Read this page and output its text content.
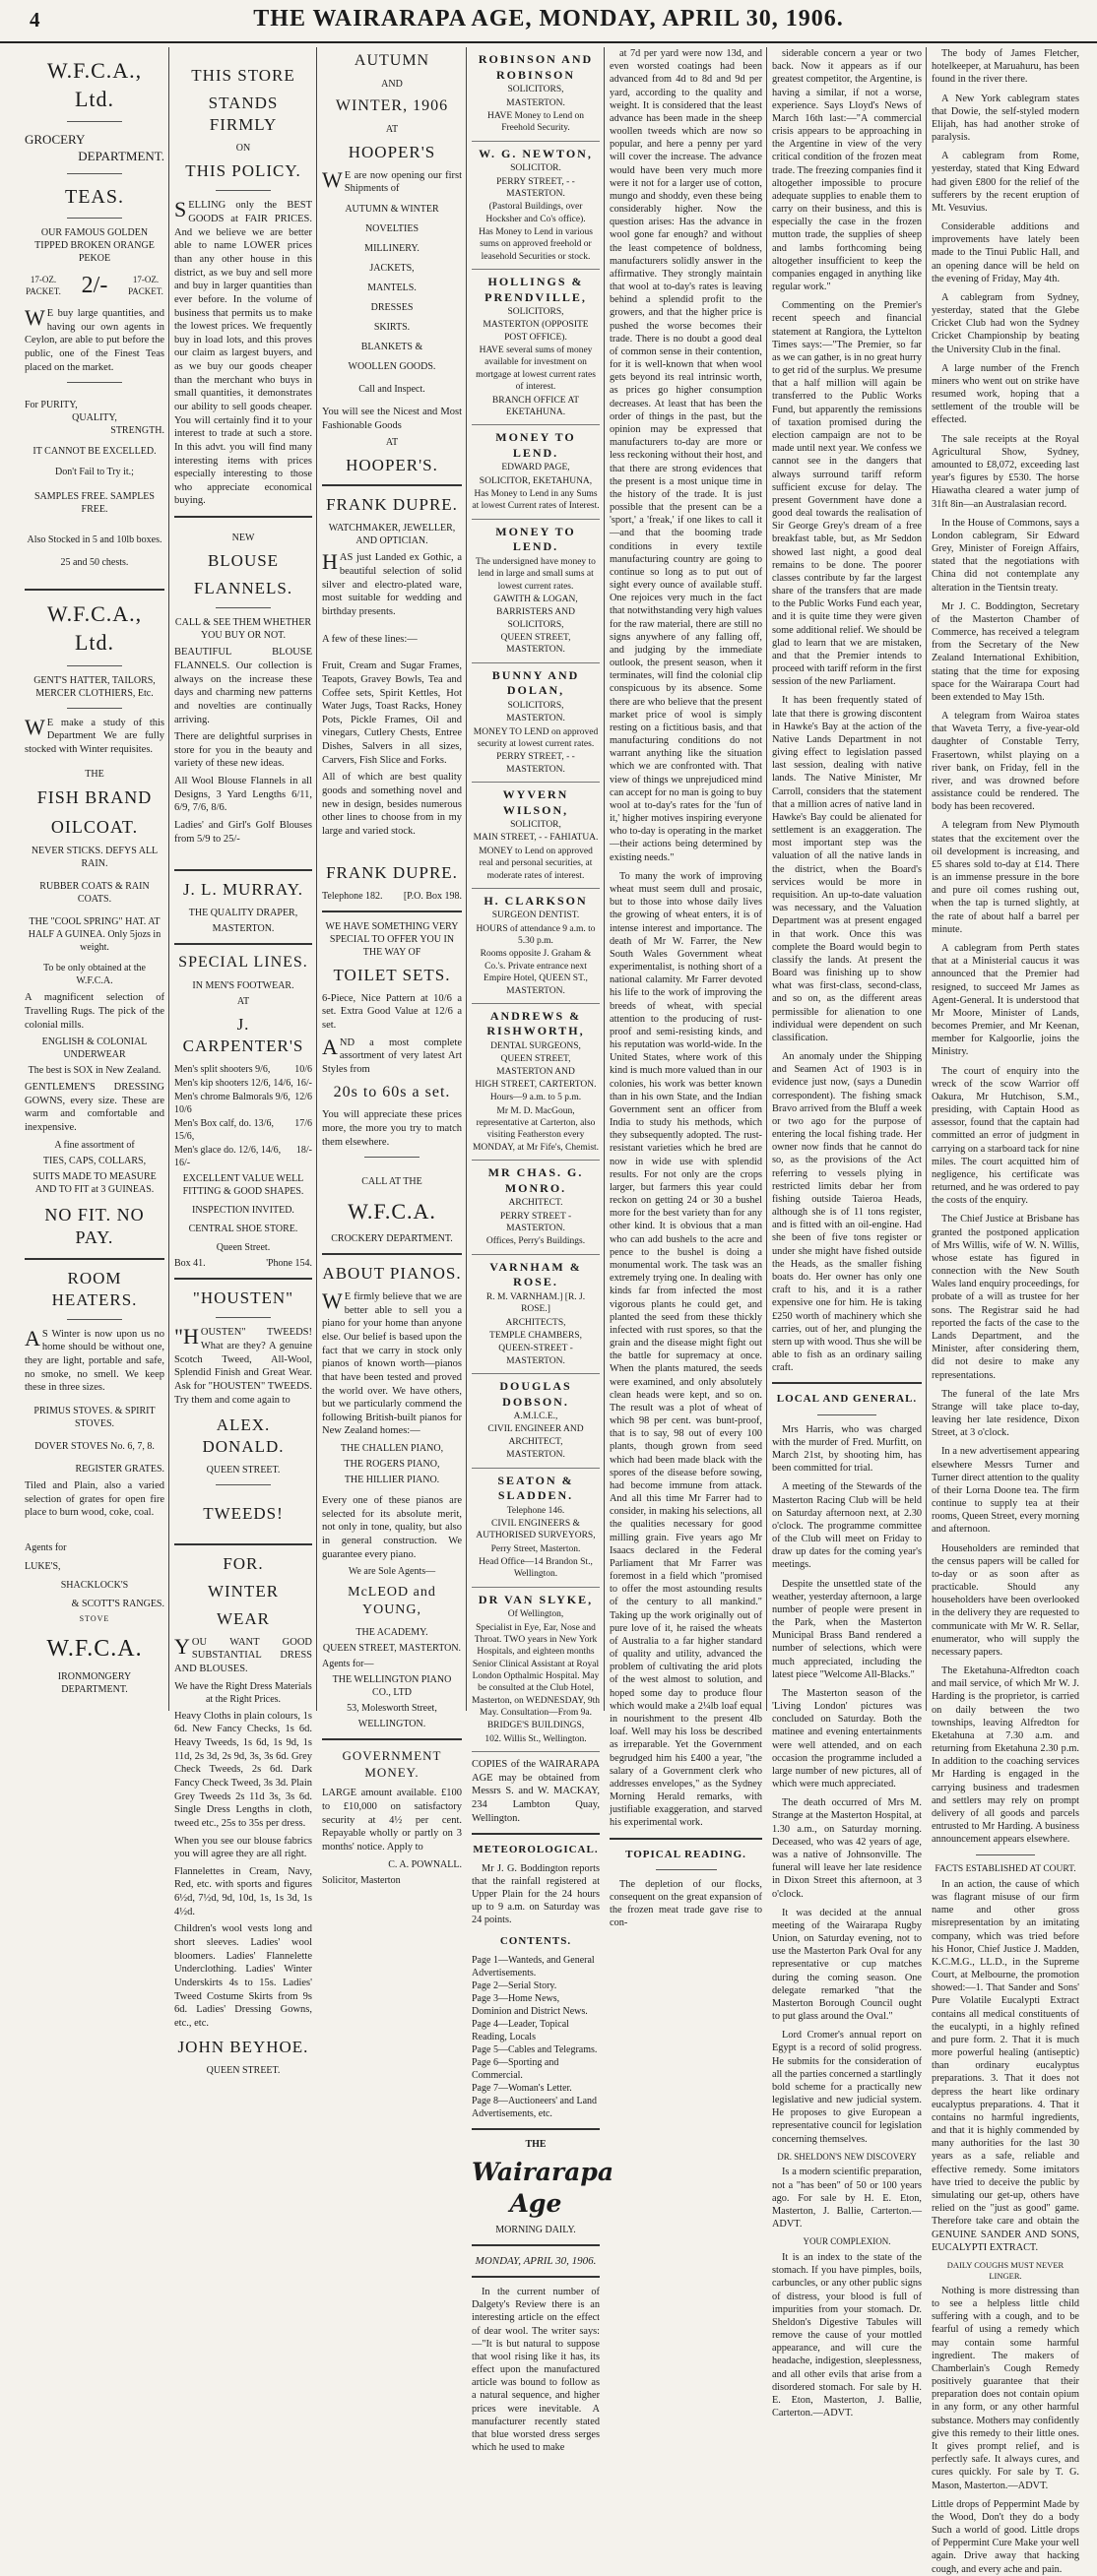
4	THE WAIRARAPA AGE, MONDAY, APRIL 30, 1906.
W.F.C.A., Ltd.
GROCERY
DEPARTMENT.
TEAS.
OUR FAMOUS GOLDEN TIPPED BROKEN ORANGE PEKOE
17-OZ. PACKET. 2/-	17-OZ. PACKET.
WE buy large quantities, and having our own agents in Ceylon, are able to put before the public, one of the Finest Teas placed on the market.
For PURITY,
QUALITY,
STRENGTH.
IT CANNOT BE EXCELLED.
Don't Fail to Try it.;
SAMPLES FREE. SAMPLES FREE.
Also Stocked in 5 and 10lb boxes.
25 and 50 chests.
W.F.C.A., Ltd.
GENT'S HATTER, TAILORS, MERCER CLOTHIERS, Etc.
WE make a study of this Department We are fully stocked with Winter requisites.
THE
FISH BRAND
OILCOAT.
NEVER STICKS. DEFYS ALL RAIN.
RUBBER COATS & RAIN COATS.
THE "COOL SPRING" HAT. AT HALF A GUINEA. Only 5jozs in weight.
To be only obtained at the W.F.C.A.
A magnificent selection of Travelling Rugs. The pick of the colonial mills.
ENGLISH & COLONIAL UNDERWEAR
The best is SOX in New Zealand.
GENTLEMEN'S DRESSING GOWNS, every size. These are warm and comfortable and inexpensive.
A fine assortment of
TIES, CAPS, COLLARS,
SUITS MADE TO MEASURE AND TO FIT at 3 GUINEAS.
NO FIT. NO PAY.
ROOM HEATERS.
AS Winter is now upon us no home should be without one, they are light, portable and safe, no smoke, no smell. We keep these in three sizes.
PRIMUS STOVES. & SPIRIT STOVES.
DOVER STOVES No. 6, 7, 8.
REGISTER GRATES.
Tiled and Plain, also a varied selection of grates for open fire place to burn wood, coke, coal.
Agents for
LUKE'S,
SHACKLOCK'S
& SCOTT'S RANGES.
STOVE
W.F.C.A.
IRONMONGERY DEPARTMENT.
THIS STORE
STANDS FIRMLY
ON
THIS POLICY.
SELLING only the BEST GOODS at FAIR PRICES. And we believe we are better able to name LOWER prices than any other house in this district, as we buy and sell more and buy in larger quantities than ever before. In the volume of business that permits us to make the lowest prices. We frequently buy in load lots, and this proves our claim as largest buyers, and as we buy our goods cheaper than the merchant who buys in small quantities, it demonstrates our ability to sell goods cheaper. You will certainly find it to your interest to trade at such a store. In this advt. you will find many interesting items with prices especially interesting to those who appreciate economical buying.
NEW
BLOUSE
FLANNELS.
CALL & SEE THEM WHETHER YOU BUY OR NOT.
BEAUTIFUL BLOUSE FLANNELS. Our collection is always on the increase these days and charming new patterns and novelties are continually arriving.
There are delightful surprises in store for you in the beauty and variety of these new ideas.
All Wool Blouse Flannels in all Designs, 3 Yard Lengths 6/11, 6/9, 7/6, 8/6.
Ladies' and Girl's Golf Blouses from 5/9 to 25/-
J. L. MURRAY.
THE QUALITY DRAPER,
MASTERTON.
SPECIAL LINES.
IN MEN'S FOOTWEAR.
AT
J. CARPENTER'S
Men's split shooters 9/6, 10/6
Men's kip shooters 12/6, 14/6, 16/-
Men's chrome Balmorals 9/6, 10/6
12/6
Men's Box calf, do. 13/6, 15/6,
17/6
Men's glace do. 12/6, 14/6, 16/-
18/-
EXCELLENT VALUE WELL FITTING & GOOD SHAPES.
INSPECTION INVITED.
CENTRAL SHOE STORE.
Queen Street.
Box 41.	'Phone 154.
"HOUSTEN"
"HOUSTEN" TWEEDS! What are they? A genuine Scotch Tweed, All-Wool, Splendid Finish and Great Wear. Ask for "HOUSTEN" TWEEDS. Try them and come again to
ALEX. DONALD.
QUEEN STREET.
TWEEDS!
FOR.
WINTER
WEAR
YOU WANT GOOD SUBSTANTIAL DRESS AND BLOUSES.
We have the Right Dress Materials at the Right Prices.
Heavy Cloths in plain colours, 1s 6d. New Fancy Checks, 1s 6d. Heavy Tweeds, 1s 6d, 1s 9d, 1s 11d, 2s 3d, 2s 9d, 3s, 3s 6d. Grey Check Tweeds, 2s 6d. Dark Fancy Check Tweed, 3s 3d. Plain Grey Tweeds 2s 11d 3s, 3s 6d. Single Dress Lengths in cloth, tweed etc., 25s to 35s per dress.
When you see our blouse fabrics you will agree they are all right.
Flannelettes in Cream, Navy, Red, etc. with sports and figures 6½d, 7½d, 9d, 10d, 1s, 1s 3d, 1s 4½d.
Children's wool vests long and short sleeves. Ladies' wool bloomers. Ladies' Flannelette Underclothing. Ladies' Winter Underskirts 4s to 15s. Ladies' Tweed Costume Skirts from 9s 6d. Ladies' Dressing Gowns, etc., etc.
JOHN BEYHOE.
QUEEN STREET.
AUTUMN
AND
WINTER, 1906
AT
HOOPER'S
WE are now opening our first Shipments of
AUTUMN & WINTER
NOVELTIES
MILLINERY.
JACKETS,
MANTELS.
DRESSES
SKIRTS.
BLANKETS &
WOOLLEN GOODS.
Call and Inspect.
You will see the Nicest and Most Fashionable Goods
AT
HOOPER'S.
FRANK DUPRE.
WATCHMAKER, JEWELLER, AND OPTICIAN.
HAS just Landed ex Gothic, a beautiful selection of solid silver and electro-plated ware, most suitable for wedding and birthday presents.
A few of these lines:—
Fruit, Cream and Sugar Frames, Teapots, Gravey Bowls, Tea and Coffee sets, Spirit Kettles, Hot Water Jugs, Toast Racks, Honey Pots, Pickle Frames, Oil and vinegars, Cutlery Chests, Entree Dishes, Salvers in all sizes, Carvers, Fish Slice and Forks.
All of which are best quality goods and something novel and new in design, besides numerous other lines to choose from in my large and varied stock.
FRANK DUPRE.
Telephone 182. [P.O. Box 198.
WE HAVE SOMETHING VERY SPECIAL TO OFFER YOU IN THE WAY OF
TOILET SETS.
6-Piece, Nice Pattern at 10/6 a set. Extra Good Value at 12/6 a set.
AND a most complete assortment of very latest Art Styles from
20s to 60s a set.
You will appreciate these prices more, the more you try to match them elsewhere.
CALL AT THE
W.F.C.A.
CROCKERY DEPARTMENT.
ABOUT PIANOS.
WE firmly believe that we are better able to sell you a piano for your home than anyone else. Our belief is based upon the fact that we carry in stock only pianos of known worth—pianos that have been tested and proved the world over. We have others, but we particularly commend the following British-built pianos for New Zealand homes:—
THE CHALLEN PIANO,
THE ROGERS PIANO,
THE HILLIER PIANO.
Every one of these pianos are selected for its absolute merit, not only in tone, quality, but also in general construction. We guarantee every piano.
We are Sole Agents—
McLEOD and YOUNG,
THE ACADEMY.
QUEEN STREET, MASTERTON.
Agents for—
THE WELLINGTON PIANO CO., LTD
53, Molesworth Street,
WELLINGTON.
GOVERNMENT MONEY.
LARGE amount available. £100 to £10,000 on satisfactory security at 4½ per cent. Repayable wholly or partly on 3 months' notice. Apply to
C. A. POWNALL.
Solicitor, Masterton
ROBINSON AND ROBINSON
SOLICITORS,
MASTERTON.
HAVE Money to Lend on Freehold Security.
W. G. NEWTON,
SOLICITOR.
PERRY STREET, - - MASTERTON.
(Pastoral Buildings, over Hocksher and Co's office).
Has Money to Lend in various sums on approved freehold or leasehold Securities or stock.
HOLLINGS & PRENDVILLE,
SOLICITORS,
MASTERTON (OPPOSITE POST OFFICE).
HAVE several sums of money available for investment on mortgage at lowest current rates of interest.
BRANCH OFFICE AT EKETAHUNA.
MONEY TO LEND.
EDWARD PAGE,
SOLICITOR, EKETAHUNA,
Has Money to Lend in any Sums at lowest Current rates of Interest.
MONEY TO LEND.
The undersigned have money to lend in large and small sums at lowest current rates.
GAWITH & LOGAN,
BARRISTERS AND SOLICITORS,
QUEEN STREET, MASTERTON.
BUNNY AND DOLAN,
SOLICITORS,
MASTERTON.
MONEY TO LEND on approved security at lowest current rates.
PERRY STREET, - - MASTERTON.
WYVERN WILSON,
SOLICITOR,
MAIN STREET, - - FAHIATUA.
MONEY to Lend on approved real and personal securities, at moderate rates of interest.
H. CLARKSON
SURGEON DENTIST.
HOURS of attendance 9 a.m. to 5.30 p.m.
Rooms opposite J. Graham & Co.'s. Private entrance next Empire Hotel, QUEEN ST., MASTERTON.
ANDREWS & RISHWORTH,
DENTAL SURGEONS,
QUEEN STREET, MASTERTON AND
HIGH STREET, CARTERTON.
Hours—9 a.m. to 5 p.m.
Mr M. D. MacGoun, representative at Carterton, also visiting Featherston every MONDAY, at Mr Fife's, Chemist.
MR CHAS. G. MONRO.
ARCHITECT.
PERRY STREET - MASTERTON.
Offices, Perry's Buildings.
VARNHAM & ROSE.
R. M. VARNHAM.] [R. J. ROSE.]
ARCHITECTS,
TEMPLE CHAMBERS,
QUEEN-STREET - MASTERTON.
DOUGLAS DOBSON.
A.M.I.C.E.,
CIVIL ENGINEER AND ARCHITECT,
MASTERTON.
SEATON & SLADDEN.
Telephone 146.
CIVIL ENGINEERS & AUTHORISED SURVEYORS,
Perry Street, Masterton.
Head Office—14 Brandon St., Wellington.
DR VAN SLYKE,
Of Wellington,
Specialist in Eye, Ear, Nose and Throat. TWO years in New York Hospitals, and eighteen months Senior Clinical Assistant at Royal London Opthalmic Hospital. May be consulted at the Club Hotel, Masterton, on WEDNESDAY, 9th May. Consultation—From 9a.
BRIDGE'S BUILDINGS,
102. Willis St., Wellington.
COPIES of the WAIRARAPA AGE may be obtained from Messrs S. and W. MACKAY, 234 Lambton Quay, Wellington.
METEOROLOGICAL.
Mr J. G. Boddington reports that the rainfall registered at Upper Plain for the 24 hours up to 9 a.m. on Saturday was 24 points.
CONTENTS.
Page 1—Wanteds, and General Advertisements.
Page 2—Serial Story.
Page 3—Home News, Dominion and District News.
Page 4—Leader, Topical Reading, Locals
Page 5—Cables and Telegrams.
Page 6—Sporting and Commercial.
Page 7—Woman's Letter.
Page 8—Auctioneers' and Land Advertisements, etc.
THE
Wairarapa Age
MORNING DAILY.
MONDAY, APRIL 30, 1906.
In the current number of Dalgety's Review there is an interesting article on the effect of dear wool. The writer says:—"It is but natural to suppose that wool rising like it has, its effect upon the manufactured article was bound to follow as a natural sequence, and higher prices were inevitable. A manufacturer recently stated that blue worsted dress serges which he used to make

at 7d per yard were now 13d, and even worsted coatings had been advanced from 4d to 8d and 9d per yard, according to the quality and weight. It is considered that the least advance has been made in the sheep woollen tweeds which are now so popular, and here a penny per yard will cover the increase. The advance would have been very much more were it not for a larger use of cotton, mungo and shoddy, even these being considerably higher. Now the question arises: Has the advance in wool gone far enough? and without the least competence of boldness, manufacturers solidly answer in the affirmative. They strongly maintain that wool at to-day's rates is leaving behind a splendid profit to the growers, and that the higher price is pushed the worse becomes their trade. There is no doubt a good deal of common sense in their contention, for it is well-known that when wool gets beyond its real intrinsic worth, as prices go higher consumption decreases. At least that has been the order of things in the past, but the opinion may be expressed that manufacturers to-day are more or less reckoning without their host, and that there are strong evidences that the present is a most unique time in the history of the trade. It is just possible that the present can be a 'sport,' a 'freak,' if one likes to call it—and that the booming trade conditions in every textile manufacturing country are going to continue so long as to put out of sight every ounce of available stuff. One rejoices very much in the fact that notwithstanding very high values for the raw material, there are still no signs anywhere of any falling off, and judging by the immediate outlook, the present season, when it terminates, will find the colonial clip conspicuous by its absence. Some there are who believe that the present market price of wool is simply resting on a fictitious basis, and that manufacturing conditions do not warrant anything like the situation which we are confronted with. That view of things we unprejudiced mind can accept for no man is going to buy wool at to-day's rates for the 'fun of it,' higher motives inspiring everyone who to-day is operating in the market—their actions being determined by existing needs."

To many the work of improving wheat must seem dull and prosaic, but to those into whose daily lives the growing of wheat enters, it is of intense interest and importance. The death of Mr W. Farrer, the New South Wales Government wheat experimentalist, is nothing short of a national calamity. Mr Farrer devoted his life to the work of improving the breeds of wheat, with special attention to the producing of rust-proof and semi-resisting kinds, and his reputation was world-wide. In the United States, where work of this kind is much more valued than in our colonies, his work was better known than in his own State, and the Indian Government sent an officer from India to study his methods, which they subsequently adopted. The rust-resistant varieties which he bred are now in wide use with splendid results. For not only are the crops larger, but farmers this year could reckon on getting 24 or 30 a bushel more for the best variety than for any other kind. It is obvious that a man who can add bushels to the acre and pence to the bushel is doing a monumental work. The task was an extremely trying one. In dealing with kinds far from infected the most vigorous plants he could get, and planted the seed from these thickly infected with rust spores, so that the grain and the disease might fight out the battle for supremacy at once. When the plants matured, the seeds were examined, and only absolutely clean heads were kept, and so on. The result was a plot of wheat of which 98 per cent. was bunt-proof, that is to say, 98 out of every 100 plants, though grown from seed which had been made black with the spores of the disease before sowing, had become immune from attack. And all this time Mr Farrer had to consider, in making his selections, all the qualities necessary for good milling grain. Five years ago Mr Isaacs declared in the Federal Parliament that Mr Farrer was foremost in a field which "promised to offer the most astounding results of the century to all mankind." Taking up the work originally out of pure love of it, he raised the wheats of Australia to a far higher standard of quality and utility, advanced the problem of cultivating the arid plots of the west almost to solution, and hoped some day to produce flour which would make a 2¼lb loaf equal in nourishment to the present 4lb loaf. Well may his loss be described as irreparable. Yet the Government begrudged him his £400 a year, "the salary of a Government clerk who addresses envelopes," as the Sydney Morning Herald remarks, with justifiable exaggeration, and starved his experimental work.

TOPICAL READING.
The depletion of our flocks, consequent on the great expansion of the frozen meat trade gave rise to con-

siderable concern a year or two back. Now it appears as if our greatest competitor, the Argentine, is having a similar, if not a worse, experience. Says Lloyd's News of March 16th last:—"A commercial crisis appears to be approaching in the Argentine in view of the very critical condition of the frozen meat trade. The freezing companies find it altogether impossible to procure adequate supplies to enable them to carry on their business, and this is especially the case in the frozen mutton trade, the supplies of sheep and lambs forthcoming being altogether insufficient to keep the companies engaged in anything like regular work."

Commenting on the Premier's recent speech and financial statement at Rangiora, the Lyttelton Times says:—"The Premier, so far as we can gather, is in no great hurry to get rid of the surplus. We presume that a half million will again be transferred to the Public Works Fund, but apparently the remissions of taxation promised during the election campaign are not to be made until next year. We confess we cannot see in the dangers that always surround tariff reform sufficient excuse for delay. The present Government have done a good deal towards the realisation of Sir George Grey's dream of a free breakfast table, but, as Mr Seddon showed last night, a good deal remains to be done. The poorer classes contribute by far the largest share of the transfers that are made to the Public Works Fund each year, and it is quite time they were given some additional relief. We should be glad to learn that we are mistaken, and that the Premier intends to proceed with tariff reform in the first session of the new Parliament.

It has been frequently stated of late that there is growing discontent in Hawke's Bay at the action of the Native Lands Department in not giving effect to legislation passed last session, dealing with native lands. The Native Minister, Mr Carroll, considers that the statement that a million acres of native land in Hawke's Bay could be alienated for settlement is an exaggeration. The most important step was the valuation of all the native lands in the district, when the Board's services would be more in requisition. An up-to-date valuation was necessary, and the Valuation Department was at present engaged in that work. Once this was complete the Board would begin to classify the lands. At present the Board was finishing up to show what was first-class, second-class, and so on, as the different areas permissible for alienation to one individual were dependent on such classification.

An anomaly under the Shipping and Seamen Act of 1903 is in evidence just now, (says a Dunedin correspondent). The fishing smack Bravo arrived from the Bluff a week or two ago for the purpose of entering the local fishing trade. Her owner now finds that he cannot do so, as the provisions of the Act referring to vessels plying in restricted limits debar her from fishing outside Taieroa Heads, although she is of 11 tons register, and is fitted with an oil-engine. Had she been of five tons register or under she might have fished outside the Heads, as the smaller fishing boats do. Her owner has only one craft to his, and it is a rather expensive one for him. He is taking £250 worth of machinery which she carries, out of her, and plunging the stern up with wood. Thus she will be able to fish as an ordinary sailing craft.

LOCAL AND GENERAL.

Mrs Harris, who was charged with the murder of Fred. Murfitt, on March 21st, by shooting him, has been committed for trial.

A meeting of the Stewards of the Masterton Racing Club will be held on Saturday afternoon next, at 2.30 o'clock. The programme committee of the Club will meet on Friday to draw up dates for the coming year's meetings.

Despite the unsettled state of the weather, yesterday afternoon, a large number of people were present in the Park, when the Masterton Municipal Brass Band rendered a number of selections, which were much appreciated, including the latest piece "Welcome All-Blacks."

The Masterton season of the 'Living London' pictures was concluded on Saturday. Both the matinee and evening entertainments were well attended, and on each occasion the programme included a large number of new pictures, all of which were much appreciated.

The death occurred of Mrs M. Strange at the Masterton Hospital, at 1.30 a.m., on Saturday morning. Deceased, who was 42 years of age, was a native of Johnsonville. The funeral will leave her late residence in Dixon Street this afternoon, at 3 o'clock.

It was decided at the annual meeting of the Wairarapa Rugby Union, on Saturday evening, not to use the Masterton Park Oval for any representative or cup matches during the coming season. One delegate remarked "that the Masterton Borough Council ought to put glass around the Oval."

Lord Cromer's annual report on Egypt is a record of solid progress. He submits for the consideration of all the parties concerned a startlingly bold scheme for a practically new legislative and new judicial system. He proposes to give European a representative council for legislation concerning themselves.

DR. SHELDON'S NEW DISCOVERY
Is a modern scientific preparation, not a "has been" of 50 or 100 years ago. For sale by H. E. Eton, Masterton, J. Ballie, Carterton.—ADVT.
YOUR COMPLEXION.
It is an index to the state of the stomach. If you have pimples, boils, carbuncles, or any other public signs of distress, your blood is full of impurities from your stomach. Dr. Sheldon's Digestive Tabules will remove the cause of your mottled appearance, and will cure the headache, indigestion, sleeplessness, and all other evils that arise from a disordered stomach. For sale by H. E. Eton, Masterton, J. Ballie, Carterton.—ADVT.

The body of James Fletcher, hotelkeeper, at Maruahuru, has been found in the river there.

A New York cablegram states that Dowie, the self-styled modern Elijah, has had another stroke of paralysis.

A cablegram from Rome, yesterday, stated that King Edward had given £800 for the relief of the sufferers by the recent eruption of Mt. Vesuvius.

Considerable additions and improvements have lately been made to the Tinui Public Hall, and an opening dance will be held on the evening of Friday, May 4th.

A cablegram from Sydney, yesterday, stated that the Glebe Cricket Club had won the Sydney Cricket Championship by beating the University Club in the final.

A large number of the French miners who went out on strike have resumed work, hoping that a settlement of the trouble will be effected.

The sale receipts at the Royal Agricultural Show, Sydney, amounted to £8,072, exceeding last year's figures by £530. The horse Hiawatha cleared a water jump of 31ft 8in—an Australasian record.

In the House of Commons, says a London cablegram, Sir Edward Grey, Minister of Foreign Affairs, stated that the negotiations with China did not contemplate any alteration in the Tientsin treaty.

Mr J. C. Boddington, Secretary of the Masterton Chamber of Commerce, has received a telegram from the Secretary of the New Zealand International Exhibition, stating that the time for exposing space for the Wairarapa Court had been extended to May 15th.

A telegram from Wairoa states that Waveta Terry, a five-year-old daughter of Constable Terry, Frasertown, whilst playing on a river bank, on Friday, fell in the river, and was drowned before assistance could be rendered. The body has been recovered.

A telegram from New Plymouth states that the excitement over the oil development is increasing, and £5 shares sold to-day at £14. There is an immense pressure in the bore and pure oil comes rushing out, when the tap is turned slightly, at the rate of about half a barrel per minute.

A cablegram from Perth states that at a Ministerial caucus it was announced that the Premier had resigned, to succeed Mr James as Agent-General. It is understood that Mr Moore, Minister of Lands, becomes Premier, and Mr Keenan, member for Kalgoorlie, joins the Ministry.

The court of enquiry into the wreck of the scow Warrior off Oakura, Mr Hutchison, S.M., presiding, with Captain Hood as assessor, found that the captain had committed an error of judgment in carrying on a starboard tack for nine miles. The court acquitted him of negligence, his certificate was returned, and he was ordered to pay the costs of the enquiry.

The Chief Justice at Brisbane has granted the postponed application of Mrs Willis, wife of W. N. Willis, whose estate has figured in connection with the New South Wales land enquiry proceedings, for probate of a will as trustee for her sons. The Registrar said he had reported the facts of the case to the Lands Department, and the Minister, after considering them, did not desire to make any representations.

The funeral of the late Mrs Strange will take place to-day, leaving her late residence, Dixon Street, at 3 o'clock.

In a new advertisement appearing elsewhere Messrs Turner and Turner direct attention to the quality of their Lorna Doone tea. The firm continue to supply tea at their rooms, Queen Street, every morning and afternoon.

Householders are reminded that the census papers will be called for to-day or as soon after as practicable. Should any householders have been overlooked in the delivery they are requested to communicate with Mr W. R. Sellar, enumerator, who will supply the necessary papers.

The Eketahuna-Alfredton coach and mail service, of which Mr W. J. Harding is the proprietor, is carried on daily between the two townships, leaving Alfredton for Eketahuna at 7.30 a.m. and returning from Eketahuna 2.30 p.m. In addition to the coaching services Mr Harding is engaged in the carrying business and tradesmen and settlers may rely on prompt delivery of all goods and parcels entrusted to Mr Harding. A business announcement appears elsewhere.

FACTS ESTABLISHED AT COURT.
In an action, the cause of which was flagrant misuse of our firm name and other gross misrepresentation by an imitating company, which was tried before his Honor, Chief Justice J. Madden, K.C.M.G., LL.D., in the Supreme Court, at Melbourne, the promotion showed:—1. That Sander and Sons' Pure Volatile Eucalypti Extract contains all medical constituents of the eucalypti, in a highly refined and pure form. 2. That it is much more powerful healing (antiseptic) than ordinary eucalyptus preparations. 3. That it does not depress the heart like ordinary eucalyptus preparations. 4. That it contains no harmful ingredients, and that it is highly commended by many authorities for the last 30 years as a safe, reliable and effective remedy. Some imitators have tried to deceive the public by simulating our get-up, others have relied on the "just as good" game. Therefore take care and obtain the GENUINE SANDER AND SONS, EUCALYPTI EXTRACT.
DAILY COUGHS MUST NEVER LINGER.
Nothing is more distressing than to see a helpless little child suffering with a cough, and to be fearful of using a remedy which may contain some harmful ingredient. The makers of Chamberlain's Cough Remedy positively guarantee that their preparation does not contain opium in any form, or any other harmful substance. Mothers may confidently give this remedy to their little ones. It gives prompt relief, and is perfectly safe. It always cures, and cures quickly. For sale by T. G. Mason, Masterton.—ADVT.
Little drops of Peppermint Made by the Wood, Don't they do a body Such a world of good. Little drops of Peppermint Cure Make your well again. Drive away that hacking cough, and every ache and pain.
